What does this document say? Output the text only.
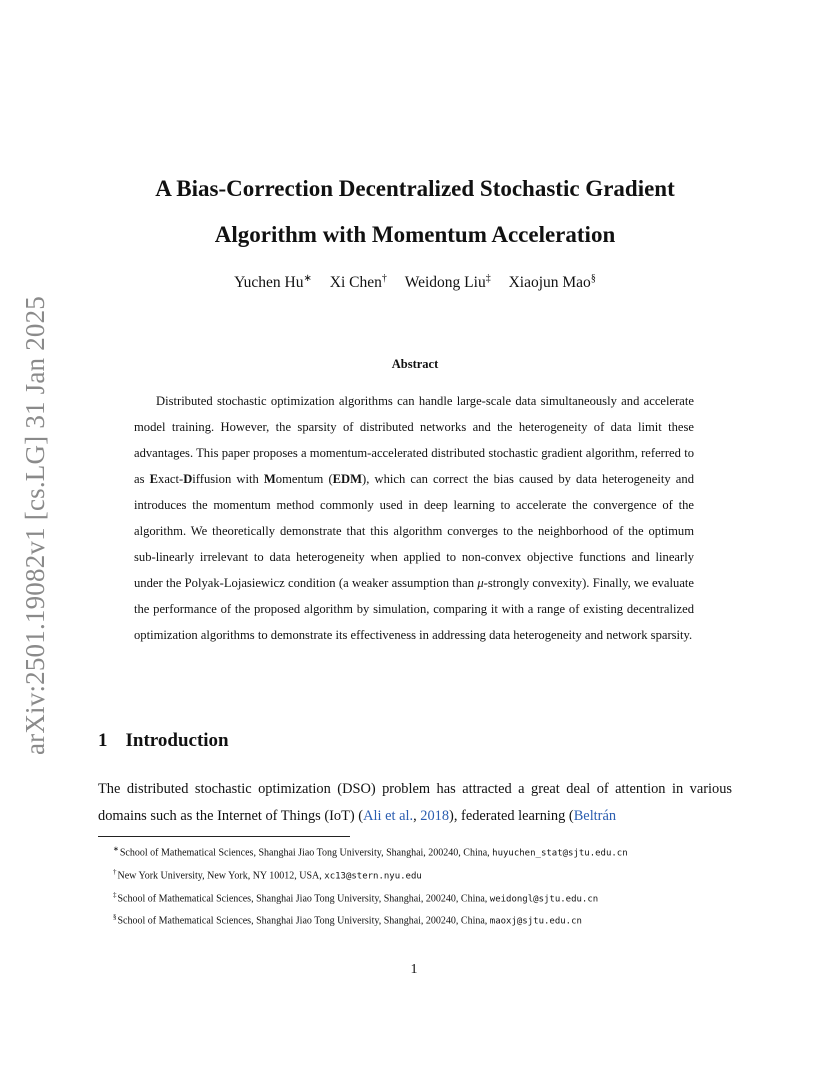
arXiv:2501.19082v1 [cs.LG] 31 Jan 2025
A Bias-Correction Decentralized Stochastic Gradient
Algorithm with Momentum Acceleration
Yuchen Hu∗ Xi Chen† Weidong Liu‡ Xiaojun Mao§
Abstract

Distributed stochastic optimization algorithms can handle large-scale data simultaneously and accelerate model training. However, the sparsity of distributed networks and the heterogeneity of data limit these advantages. This paper proposes a momentum-accelerated distributed stochastic gradient algorithm, referred to as Exact-Diffusion with Momentum (EDM), which can correct the bias caused by data heterogeneity and introduces the momentum method commonly used in deep learning to accelerate the convergence of the algorithm. We theoretically demonstrate that this algorithm converges to the neighborhood of the optimum sub-linearly irrelevant to data heterogeneity when applied to non-convex objective functions and linearly under the Polyak-Lojasiewicz condition (a weaker assumption than μ-strongly convexity). Finally, we evaluate the performance of the proposed algorithm by simulation, comparing it with a range of existing decentralized optimization algorithms to demonstrate its effectiveness in addressing data heterogeneity and network sparsity.

1 Introduction

The distributed stochastic optimization (DSO) problem has attracted a great deal of attention in various domains such as the Internet of Things (IoT) (Ali et al., 2018), federated learning (Beltrán

∗School of Mathematical Sciences, Shanghai Jiao Tong University, Shanghai, 200240, China, huyuchen_stat@sjtu.edu.cn
†New York University, New York, NY 10012, USA, xc13@stern.nyu.edu
‡School of Mathematical Sciences, Shanghai Jiao Tong University, Shanghai, 200240, China, weidongl@sjtu.edu.cn
§School of Mathematical Sciences, Shanghai Jiao Tong University, Shanghai, 200240, China, maoxj@sjtu.edu.cn
1
